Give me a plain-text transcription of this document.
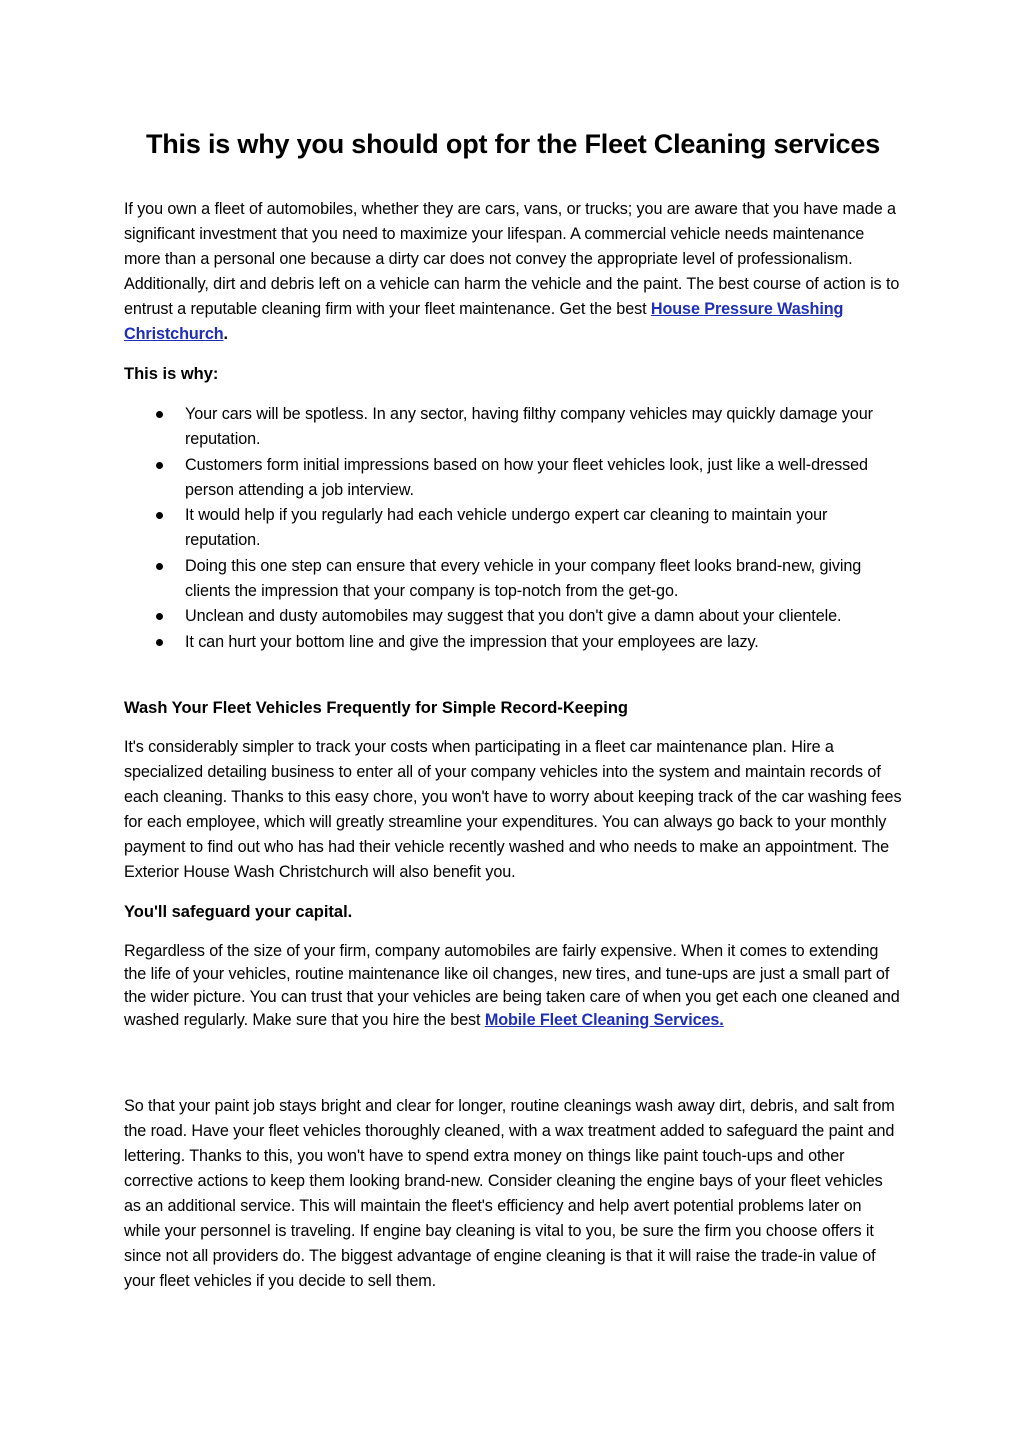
This is why you should opt for the Fleet Cleaning services

If you own a fleet of automobiles, whether they are cars, vans, or trucks; you are aware that you have made a significant investment that you need to maximize your lifespan. A commercial vehicle needs maintenance more than a personal one because a dirty car does not convey the appropriate level of professionalism. Additionally, dirt and debris left on a vehicle can harm the vehicle and the paint. The best course of action is to entrust a reputable cleaning firm with your fleet maintenance. Get the best House Pressure Washing Christchurch.

This is why:
Your cars will be spotless. In any sector, having filthy company vehicles may quickly damage your reputation.
Customers form initial impressions based on how your fleet vehicles look, just like a well-dressed person attending a job interview.
It would help if you regularly had each vehicle undergo expert car cleaning to maintain your reputation.
Doing this one step can ensure that every vehicle in your company fleet looks brand-new, giving clients the impression that your company is top-notch from the get-go.
Unclean and dusty automobiles may suggest that you don't give a damn about your clientele.
It can hurt your bottom line and give the impression that your employees are lazy.
Wash Your Fleet Vehicles Frequently for Simple Record-Keeping

It's considerably simpler to track your costs when participating in a fleet car maintenance plan. Hire a specialized detailing business to enter all of your company vehicles into the system and maintain records of each cleaning. Thanks to this easy chore, you won't have to worry about keeping track of the car washing fees for each employee, which will greatly streamline your expenditures. You can always go back to your monthly payment to find out who has had their vehicle recently washed and who needs to make an appointment. The Exterior House Wash Christchurch will also benefit you.

You'll safeguard your capital.

Regardless of the size of your firm, company automobiles are fairly expensive. When it comes to extending the life of your vehicles, routine maintenance like oil changes, new tires, and tune-ups are just a small part of the wider picture. You can trust that your vehicles are being taken care of when you get each one cleaned and washed regularly. Make sure that you hire the best Mobile Fleet Cleaning Services.

So that your paint job stays bright and clear for longer, routine cleanings wash away dirt, debris, and salt from the road. Have your fleet vehicles thoroughly cleaned, with a wax treatment added to safeguard the paint and lettering. Thanks to this, you won't have to spend extra money on things like paint touch-ups and other corrective actions to keep them looking brand-new. Consider cleaning the engine bays of your fleet vehicles as an additional service. This will maintain the fleet's efficiency and help avert potential problems later on while your personnel is traveling. If engine bay cleaning is vital to you, be sure the firm you choose offers it since not all providers do. The biggest advantage of engine cleaning is that it will raise the trade-in value of your fleet vehicles if you decide to sell them.
